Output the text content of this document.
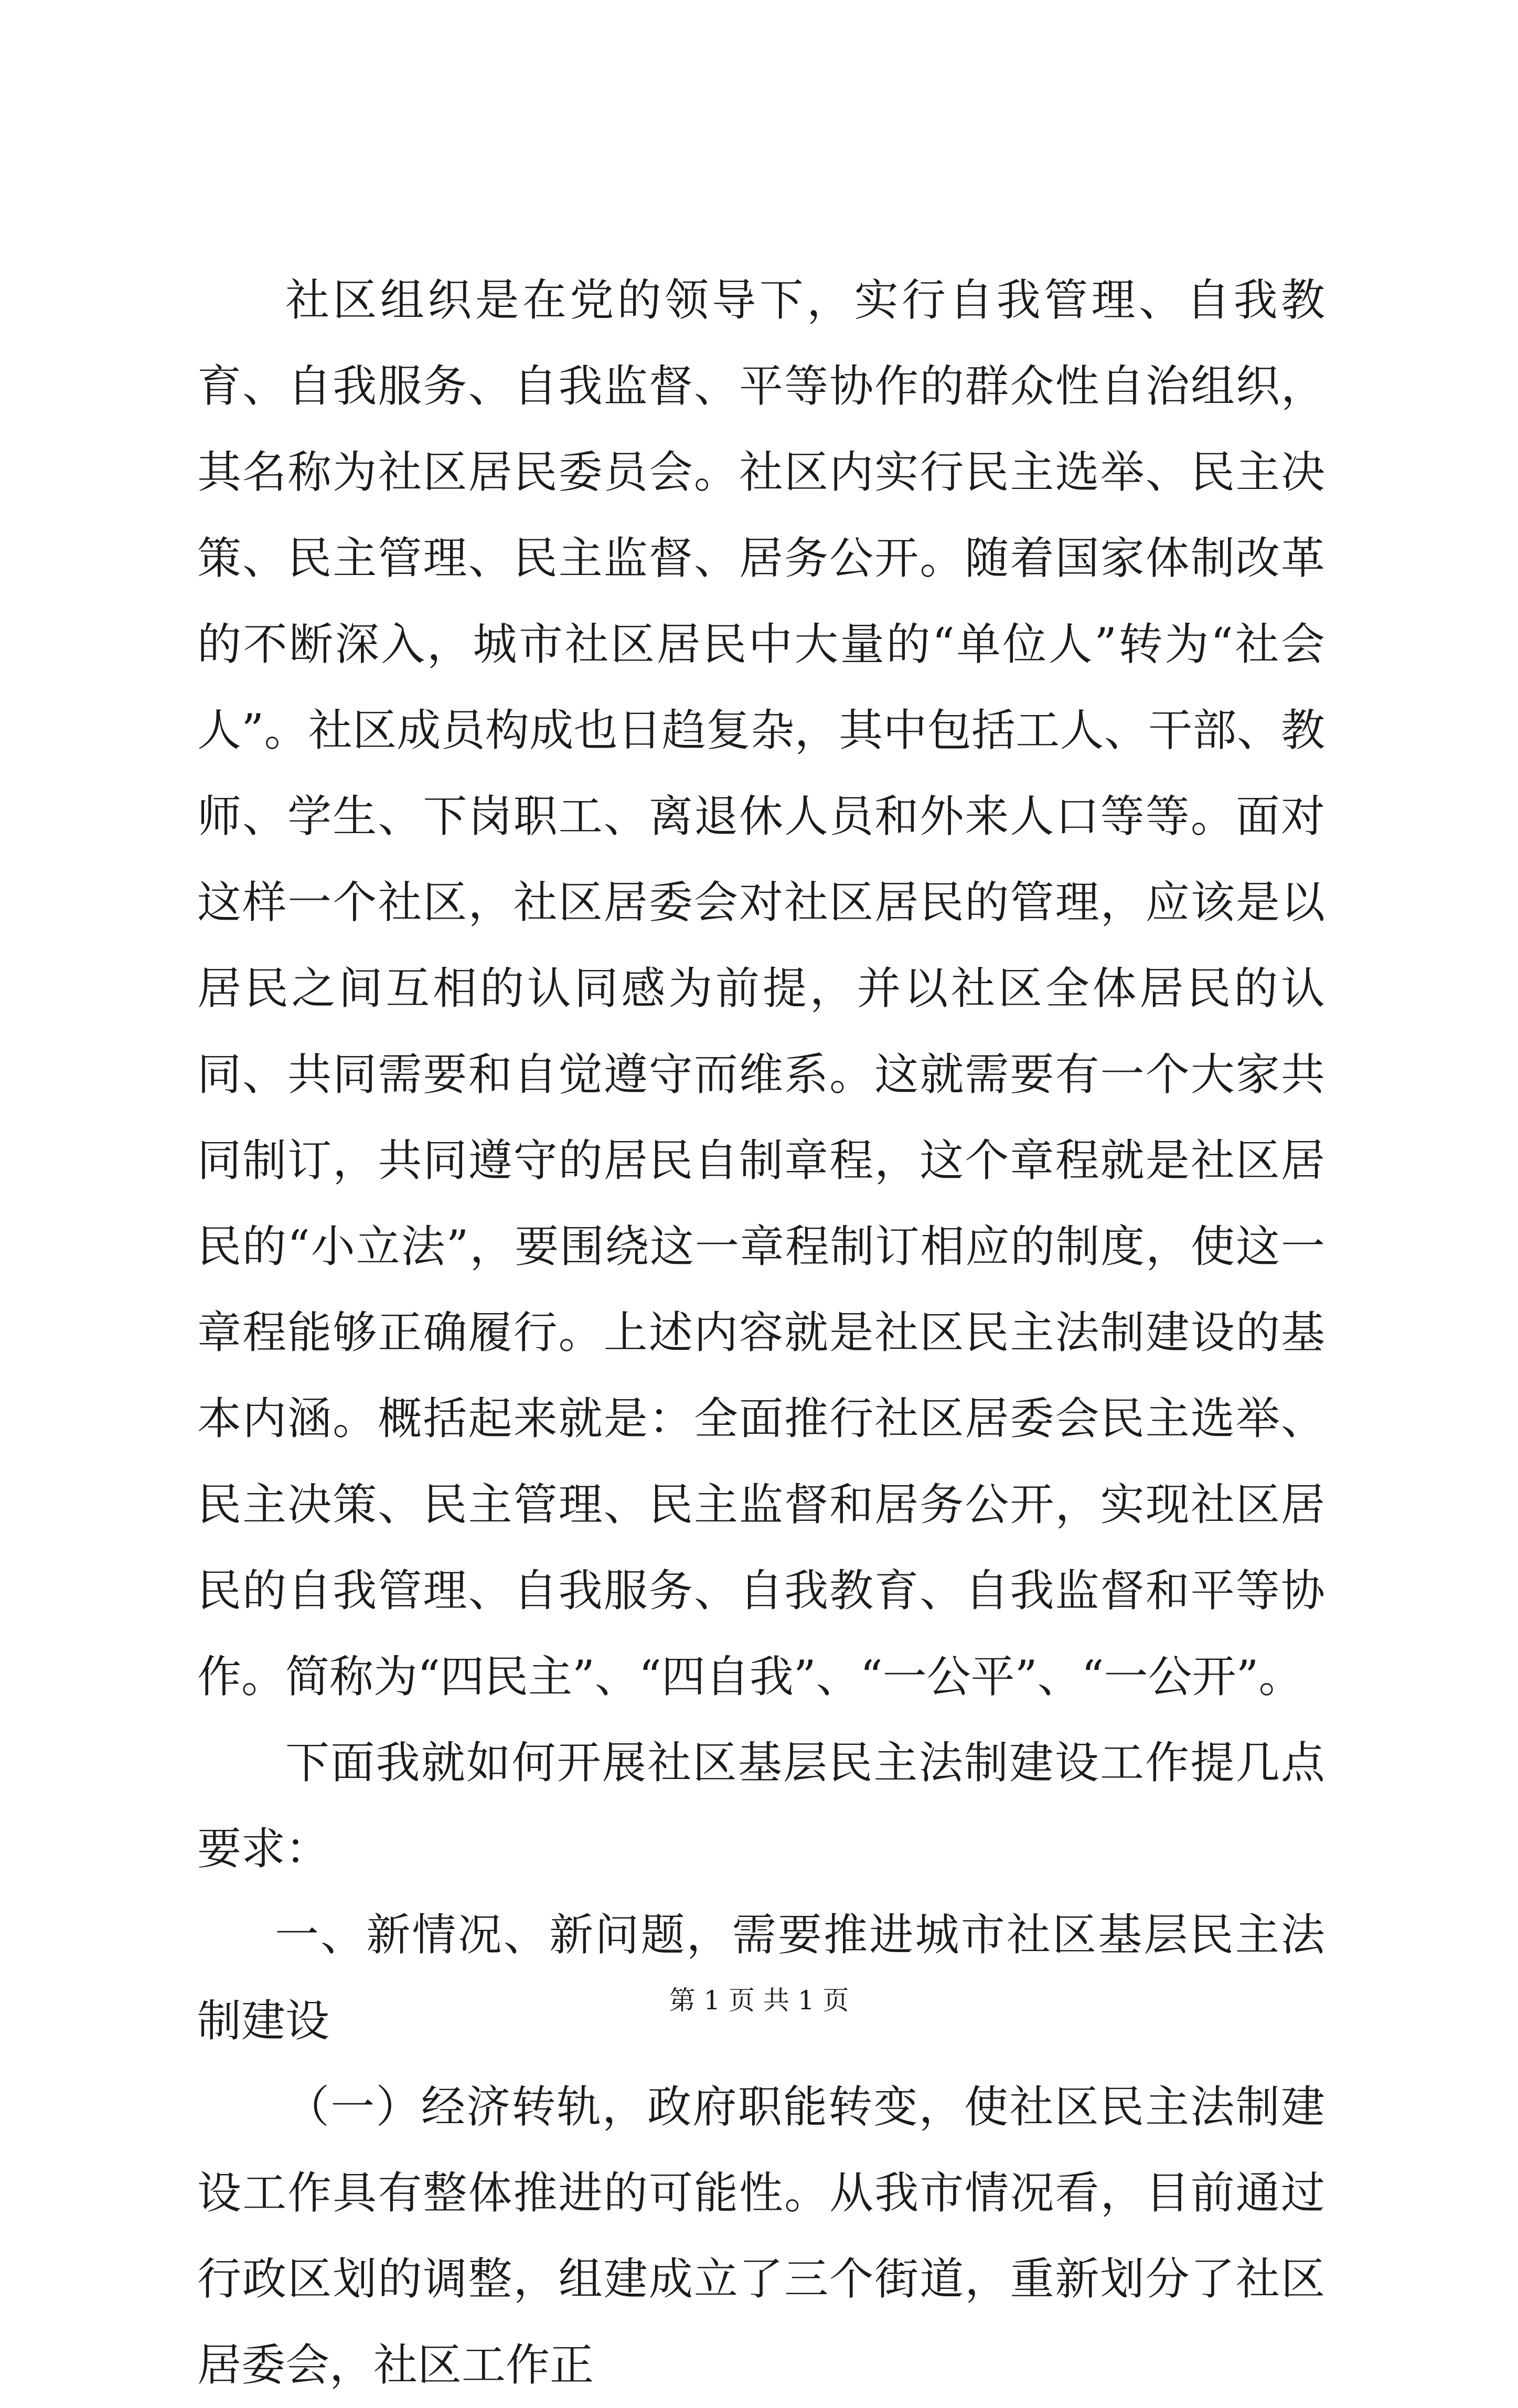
社区组织是在党的领导下，实行自我管理、自我教育、自我服务、自我监督、平等协作的群众性自治组织，其名称为社区居民委员会。社区内实行民主选举、民主决策、民主管理、民主监督、居务公开。随着国家体制改革的不断深入，城市社区居民中大量的“单位人”转为“社会人”。社区成员构成也日趋复杂，其中包括工人、干部、教师、学生、下岗职工、离退休人员和外来人口等等。面对这样一个社区，社区居委会对社区居民的管理，应该是以居民之间互相的认同感为前提，并以社区全体居民的认同、共同需要和自觉遵守而维系。这就需要有一个大家共同制订，共同遵守的居民自制章程，这个章程就是社区居民的“小立法”，要围绕这一章程制订相应的制度，使这一章程能够正确履行。上述内容就是社区民主法制建设的基本内涵。概括起来就是：全面推行社区居委会民主选举、民主决策、民主管理、民主监督和居务公开，实现社区居民的自我管理、自我服务、自我教育、自我监督和平等协作。简称为“四民主”、“四自我”、“一公平”、“一公开”。

下面我就如何开展社区基层民主法制建设工作提几点要求：

一、新情况、新问题，需要推进城市社区基层民主法制建设

（一）经济转轨，政府职能转变，使社区民主法制建设工作具有整体推进的可能性。从我市情况看，目前通过行政区划的调整，组建成立了三个街道，重新划分了社区居委会，社区工作正

第 1 页 共 1 页
